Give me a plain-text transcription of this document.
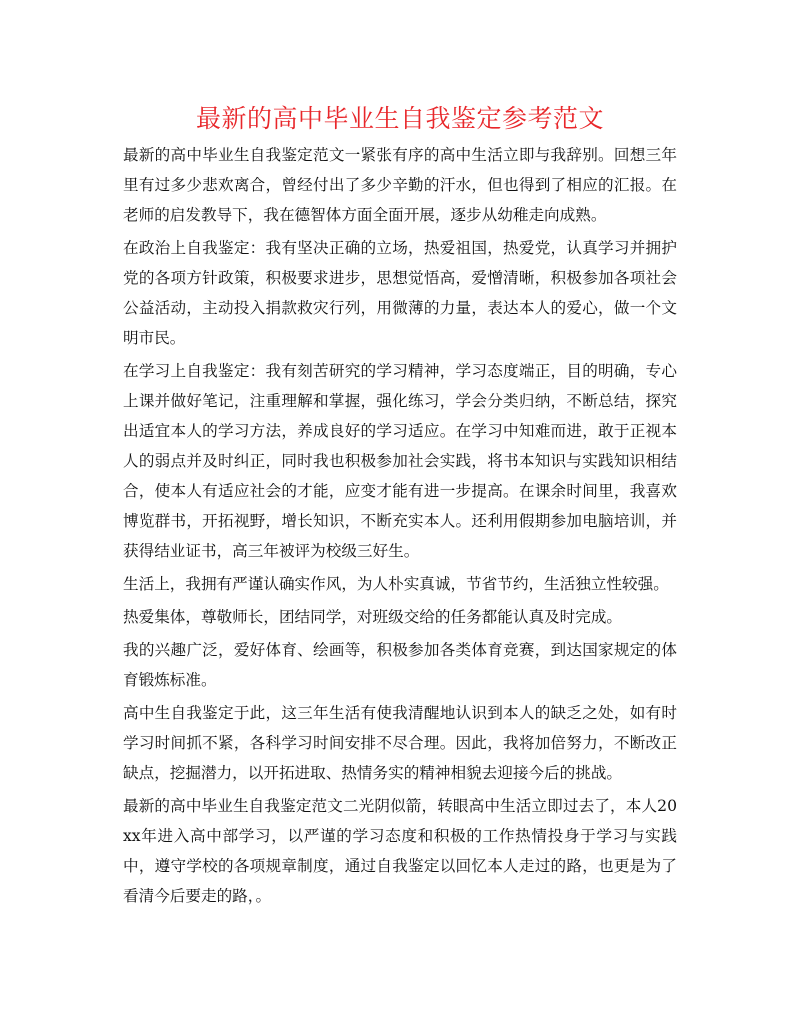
最新的高中毕业生自我鉴定参考范文

最新的高中毕业生自我鉴定范文一紧张有序的高中生活立即与我辞别。回想三年里有过多少悲欢离合，曾经付出了多少辛勤的汗水，但也得到了相应的汇报。在老师的启发教导下，我在德智体方面全面开展，逐步从幼稚走向成熟。

在政治上自我鉴定：我有坚决正确的立场，热爱祖国，热爱党，认真学习并拥护党的各项方针政策，积极要求进步，思想觉悟高，爱憎清晰，积极参加各项社会公益活动，主动投入捐款救灾行列，用微薄的力量，表达本人的爱心，做一个文明市民。

在学习上自我鉴定：我有刻苦研究的学习精神，学习态度端正，目的明确，专心上课并做好笔记，注重理解和掌握，强化练习，学会分类归纳，不断总结，探究出适宜本人的学习方法，养成良好的学习适应。在学习中知难而进，敢于正视本人的弱点并及时纠正，同时我也积极参加社会实践，将书本知识与实践知识相结合，使本人有适应社会的才能，应变才能有进一步提高。在课余时间里，我喜欢博览群书，开拓视野，增长知识，不断充实本人。还利用假期参加电脑培训，并获得结业证书，高三年被评为校级三好生。

生活上，我拥有严谨认确实作风，为人朴实真诚，节省节约，生活独立性较强。

热爱集体，尊敬师长，团结同学，对班级交给的任务都能认真及时完成。

我的兴趣广泛，爱好体育、绘画等，积极参加各类体育竞赛，到达国家规定的体育锻炼标准。

高中生自我鉴定于此，这三年生活有使我清醒地认识到本人的缺乏之处，如有时学习时间抓不紧，各科学习时间安排不尽合理。因此，我将加倍努力，不断改正缺点，挖掘潜力，以开拓进取、热情务实的精神相貌去迎接今后的挑战。

最新的高中毕业生自我鉴定范文二光阴似箭，转眼高中生活立即过去了，本人20xx年进入高中部学习，以严谨的学习态度和积极的工作热情投身于学习与实践中，遵守学校的各项规章制度，通过自我鉴定以回忆本人走过的路，也更是为了看清今后要走的路，。
